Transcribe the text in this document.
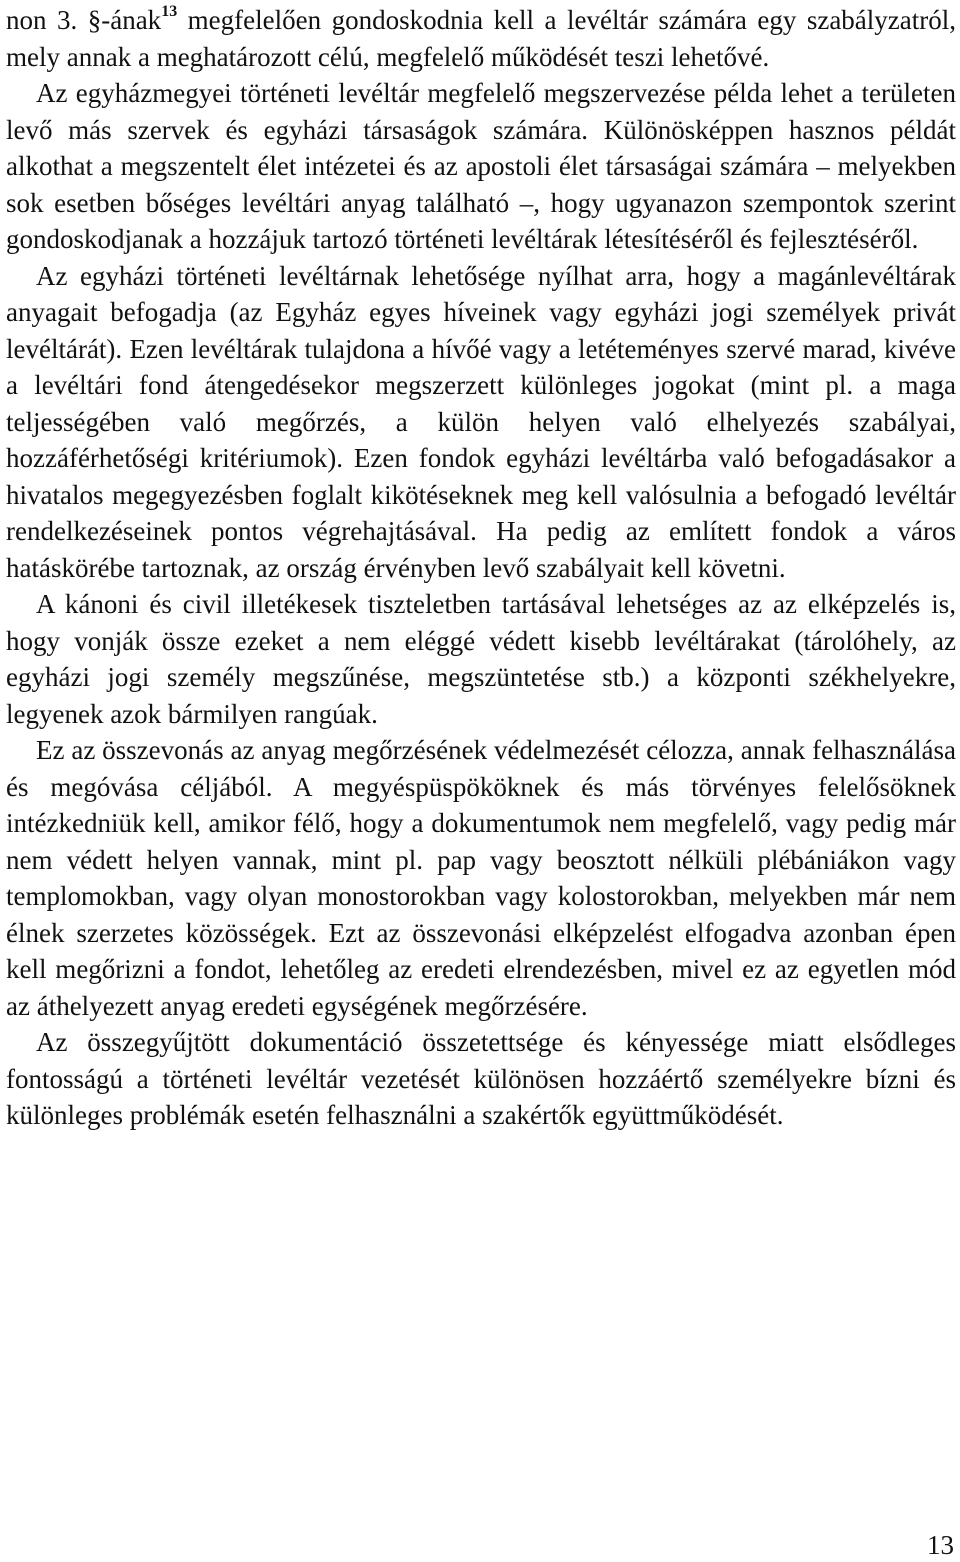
non 3. §-ának$^{13}$ megfelelően gondoskodnia kell a levéltár számára egy szabályzatról, mely annak a meghatározott célú, megfelelő működését teszi lehetővé.

Az egyházmegyei történeti levéltár megfelelő megszervezése példa lehet a területen levő más szervek és egyházi társaságok számára. Különösképpen hasznos példát alkothat a megszentelt élet intézetei és az apostoli élet társaságai számára – melyekben sok esetben bőséges levéltári anyag található –, hogy ugyanazon szempontok szerint gondoskodjanak a hozzájuk tartozó történeti levéltárak létesítéséről és fejlesztéséről.

Az egyházi történeti levéltárnak lehetősége nyílhat arra, hogy a magánlevéltárak anyagait befogadja (az Egyház egyes híveinek vagy egyházi jogi személyek privát levéltárát). Ezen levéltárak tulajdona a hívőé vagy a letéteményes szervé marad, kivéve a levéltári fond átengedésekor megszerzett különleges jogokat (mint pl. a maga teljességében való megőrzés, a külön helyen való elhelyezés szabályai, hozzáférhetőségi kritériumok). Ezen fondok egyházi levéltárba való befogadásakor a hivatalos megegyezésben foglalt kikötéseknek meg kell valósulnia a befogadó levéltár rendelkezéseinek pontos végrehajtásával. Ha pedig az említett fondok a város hatáskörébe tartoznak, az ország érvényben levő szabályait kell követni.

A kánoni és civil illetékesek tiszteletben tartásával lehetséges az az elképzelés is, hogy vonják össze ezeket a nem eléggé védett kisebb levéltárakat (tárolóhely, az egyházi jogi személy megszűnése, megszüntetése stb.) a központi székhelyekre, legyenek azok bármilyen rangúak.

Ez az összevonás az anyag megőrzésének védelmezését célozza, annak felhasználása és megóvása céljából. A megyéspüspököknek és más törvényes felelősöknek intézkedniük kell, amikor félő, hogy a dokumentumok nem megfelelő, vagy pedig már nem védett helyen vannak, mint pl. pap vagy beosztott nélküli plébániákon vagy templomokban, vagy olyan monostorokban vagy kolostorokban, melyekben már nem élnek szerzetes közösségek. Ezt az összevonási elképzelést elfogadva azonban épen kell megőrizni a fondot, lehetőleg az eredeti elrendezésben, mivel ez az egyetlen mód az áthelyezett anyag eredeti egységének megőrzésére.

Az összegyűjtött dokumentáció összetettsége és kényessége miatt elsődleges fontosságú a történeti levéltár vezetését különösen hozzáértő személyekre bízni és különleges problémák esetén felhasználni a szakértők együttműködését.

13
